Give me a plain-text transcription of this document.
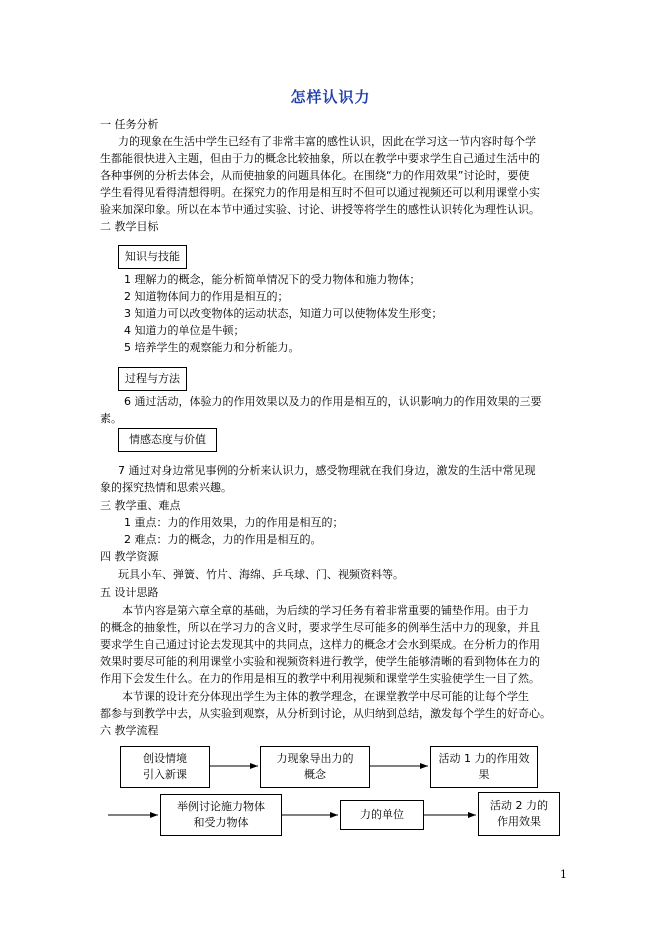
怎样认识力
一 任务分析
力的现象在生活中学生已经有了非常丰富的感性认识，因此在学习这一节内容时每个学
生都能很快进入主题，但由于力的概念比较抽象，所以在教学中要求学生自己通过生活中的
各种事例的分析去体会，从而使抽象的问题具体化。在围绕“力的作用效果”讨论时，要使
学生看得见看得清想得明。在探究力的作用是相互时不但可以通过视频还可以利用课堂小实
验来加深印象。所以在本节中通过实验、讨论、讲授等将学生的感性认识转化为理性认识。
二 教学目标
知识与技能
1 理解力的概念，能分析简单情况下的受力物体和施力物体；
2 知道物体间力的作用是相互的；
3 知道力可以改变物体的运动状态，知道力可以使物体发生形变；
4 知道力的单位是牛顿；
5 培养学生的观察能力和分析能力。
过程与方法
6 通过活动，体验力的作用效果以及力的作用是相互的，认识影响力的作用效果的三要
素。
情感态度与价值
7 通过对身边常见事例的分析来认识力，感受物理就在我们身边，激发的生活中常见现
象的探究热情和思索兴趣。
三 教学重、难点
1 重点：力的作用效果，力的作用是相互的；
2 难点：力的概念，力的作用是相互的。
四 教学资源
玩具小车、弹簧、竹片、海绵、乒乓球、门、视频资料等。
五 设计思路
本节内容是第六章全章的基础，为后续的学习任务有着非常重要的铺垫作用。由于力
的概念的抽象性，所以在学习力的含义时，要求学生尽可能多的例举生活中力的现象，并且
要求学生自己通过讨论去发现其中的共同点，这样力的概念才会水到渠成。在分析力的作用
效果时要尽可能的利用课堂小实验和视频资料进行教学，使学生能够清晰的看到物体在力的
作用下会发生什么。在力的作用是相互的教学中利用视频和课堂学生实验使学生一目了然。
本节课的设计充分体现出学生为主体的教学理念，在课堂教学中尽可能的让每个学生
都参与到教学中去，从实验到观察，从分析到讨论，从归纳到总结，激发每个学生的好奇心。
六 教学流程
创设情境
引入新课
力现象导出力的
概念
活动 1 力的作用效
果
举例讨论施力物体
和受力物体
力的单位
活动 2 力的
作用效果
1
